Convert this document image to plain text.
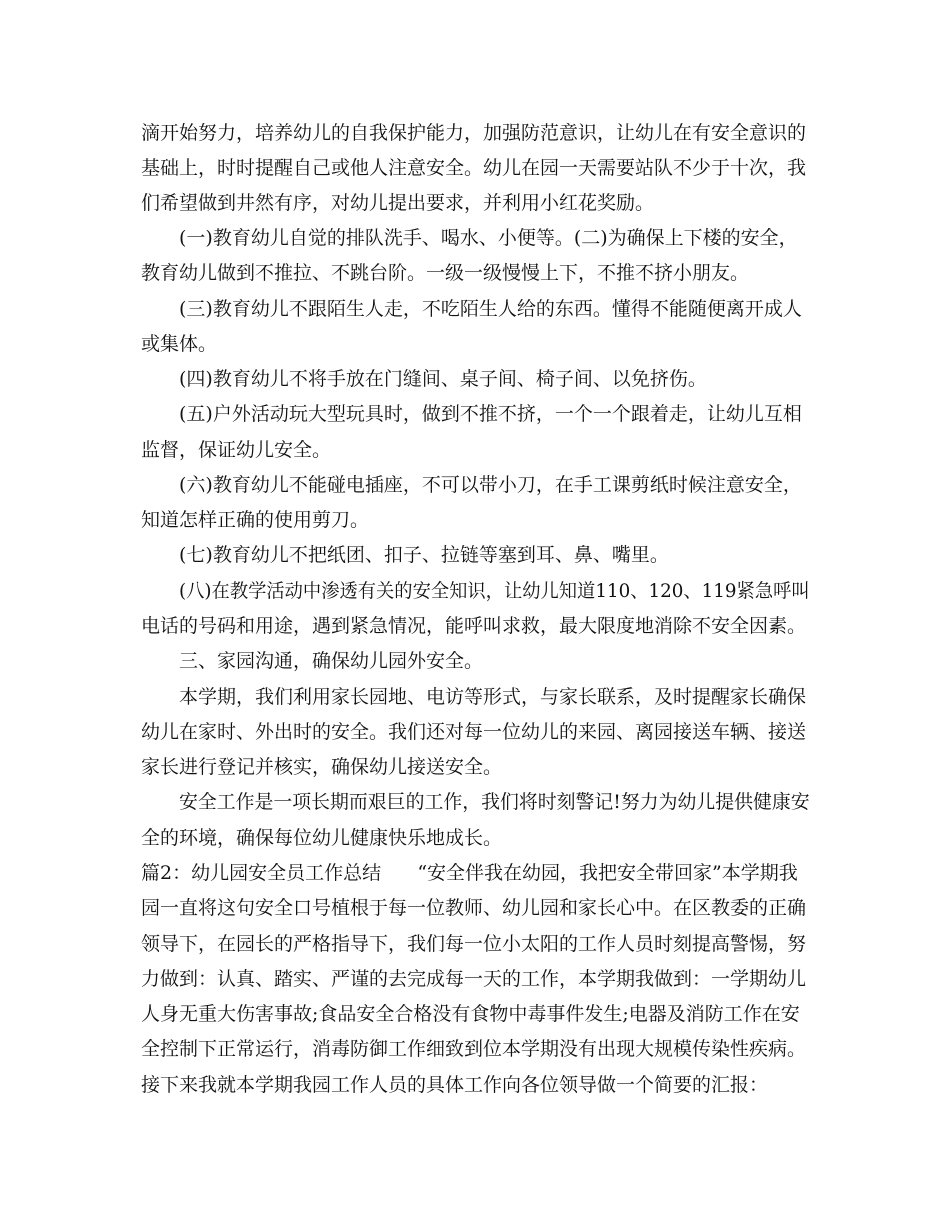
滴开始努力，培养幼儿的自我保护能力，加强防范意识，让幼儿在有安全意识的
基础上，时时提醒自己或他人注意安全。幼儿在园一天需要站队不少于十次，我
们希望做到井然有序，对幼儿提出要求，并利用小红花奖励。
(一)教育幼儿自觉的排队洗手、喝水、小便等。(二)为确保上下楼的安全，
教育幼儿做到不推拉、不跳台阶。一级一级慢慢上下，不推不挤小朋友。
(三)教育幼儿不跟陌生人走，不吃陌生人给的东西。懂得不能随便离开成人
或集体。
(四)教育幼儿不将手放在门缝间、桌子间、椅子间、以免挤伤。
(五)户外活动玩大型玩具时，做到不推不挤，一个一个跟着走，让幼儿互相
监督，保证幼儿安全。
(六)教育幼儿不能碰电插座，不可以带小刀，在手工课剪纸时候注意安全，
知道怎样正确的使用剪刀。
(七)教育幼儿不把纸团、扣子、拉链等塞到耳、鼻、嘴里。
(八)在教学活动中渗透有关的安全知识，让幼儿知道110、120、119紧急呼叫
电话的号码和用途，遇到紧急情况，能呼叫求救，最大限度地消除不安全因素。
三、家园沟通，确保幼儿园外安全。
本学期，我们利用家长园地、电访等形式，与家长联系，及时提醒家长确保
幼儿在家时、外出时的安全。我们还对每一位幼儿的来园、离园接送车辆、接送
家长进行登记并核实，确保幼儿接送安全。
安全工作是一项长期而艰巨的工作，我们将时刻警记!努力为幼儿提供健康安
全的环境，确保每位幼儿健康快乐地成长。
篇2：幼儿园安全员工作总结      “安全伴我在幼园，我把安全带回家”本学期我
园一直将这句安全口号植根于每一位教师、幼儿园和家长心中。在区教委的正确
领导下，在园长的严格指导下，我们每一位小太阳的工作人员时刻提高警惕，努
力做到：认真、踏实、严谨的去完成每一天的工作，本学期我做到：一学期幼儿
人身无重大伤害事故;食品安全合格没有食物中毒事件发生;电器及消防工作在安
全控制下正常运行，消毒防御工作细致到位本学期没有出现大规模传染性疾病。
接下来我就本学期我园工作人员的具体工作向各位领导做一个简要的汇报：
